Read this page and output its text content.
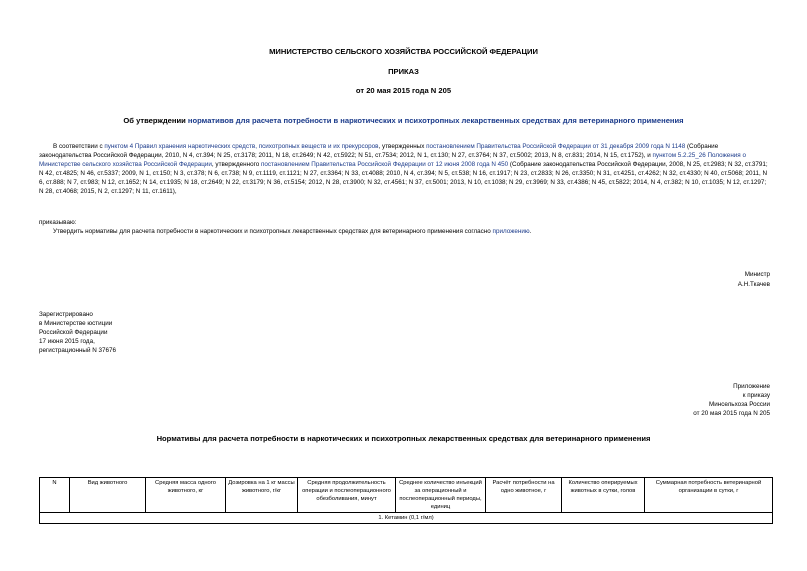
МИНИСТЕРСТВО СЕЛЬСКОГО ХОЗЯЙСТВА РОССИЙСКОЙ ФЕДЕРАЦИИ
ПРИКАЗ
от 20 мая 2015 года N 205
Об утверждении нормативов для расчета потребности в наркотических и психотропных лекарственных средствах для ветеринарного применения
В соответствии с пунктом 4 Правил хранения наркотических средств, психотропных веществ и их прекурсоров, утвержденных постановлением Правительства Российской Федерации от 31 декабря 2009 года N 1148 (Собрание законодательства Российской Федерации, 2010, N 4, ст.394; N 25, ст.3178; 2011, N 18, ст.2649; N 42, ст.5922; N 51, ст.7534; 2012, N 1, ст.130; N 27, ст.3764; N 37, ст.5002; 2013, N 8, ст.831; 2014, N 15, ст.1752), и пунктом 5.2.25_26 Положения о Министерстве сельского хозяйства Российской Федерации, утвержденного постановлением Правительства Российской Федерации от 12 июня 2008 года N 450 (Собрание законодательства Российской Федерации, 2008, N 25, ст.2983; N 32, ст.3791; N 42, ст.4825; N 46, ст.5337; 2009, N 1, ст.150; N 3, ст.378; N 6, ст.738; N 9, ст.1119, ст.1121; N 27, ст.3364; N 33, ст.4088; 2010, N 4, ст.394; N 5, ст.538; N 16, ст.1917; N 23, ст.2833; N 26, ст.3350; N 31, ст.4251, ст.4262; N 32, ст.4330; N 40, ст.5068; 2011, N 6, ст.888; N 7, ст.983; N 12, ст.1652; N 14, ст.1935; N 18, ст.2649; N 22, ст.3179; N 36, ст.5154; 2012, N 28, ст.3900; N 32, ст.4561; N 37, ст.5001; 2013, N 10, ст.1038; N 29, ст.3969; N 33, ст.4386; N 45, ст.5822; 2014, N 4, ст.382; N 10, ст.1035; N 12, ст.1297; N 28, ст.4068; 2015, N 2, ст.1297; N 11, ст.1611),
приказываю:
Утвердить нормативы для расчета потребности в наркотических и психотропных лекарственных средствах для ветеринарного применения согласно приложению.
Министр
А.Н.Ткачев
Зарегистрировано
в Министерстве юстиции
Российской Федерации
17 июня 2015 года,
регистрационный N 37676
Приложение
к приказу
Минсельхоза России
от 20 мая 2015 года N 205
Нормативы для расчета потребности в наркотических и психотропных лекарственных средствах для ветеринарного применения
N	Вид животного	Средняя масса одного животного, кг	Дозировка на 1 кг массы животного, г/кг	Средняя продолжительность операции и послеоперационного обезболивания, минут	Среднее количество инъекций за операционный и послеоперационный периоды, единиц	Расчёт потребности на одно животное, г	Количество оперируемых животных в сутки, голов	Суммарная потребность ветеринарной организации в сутки, г
1. Кетамин (0,1 г/мл)
